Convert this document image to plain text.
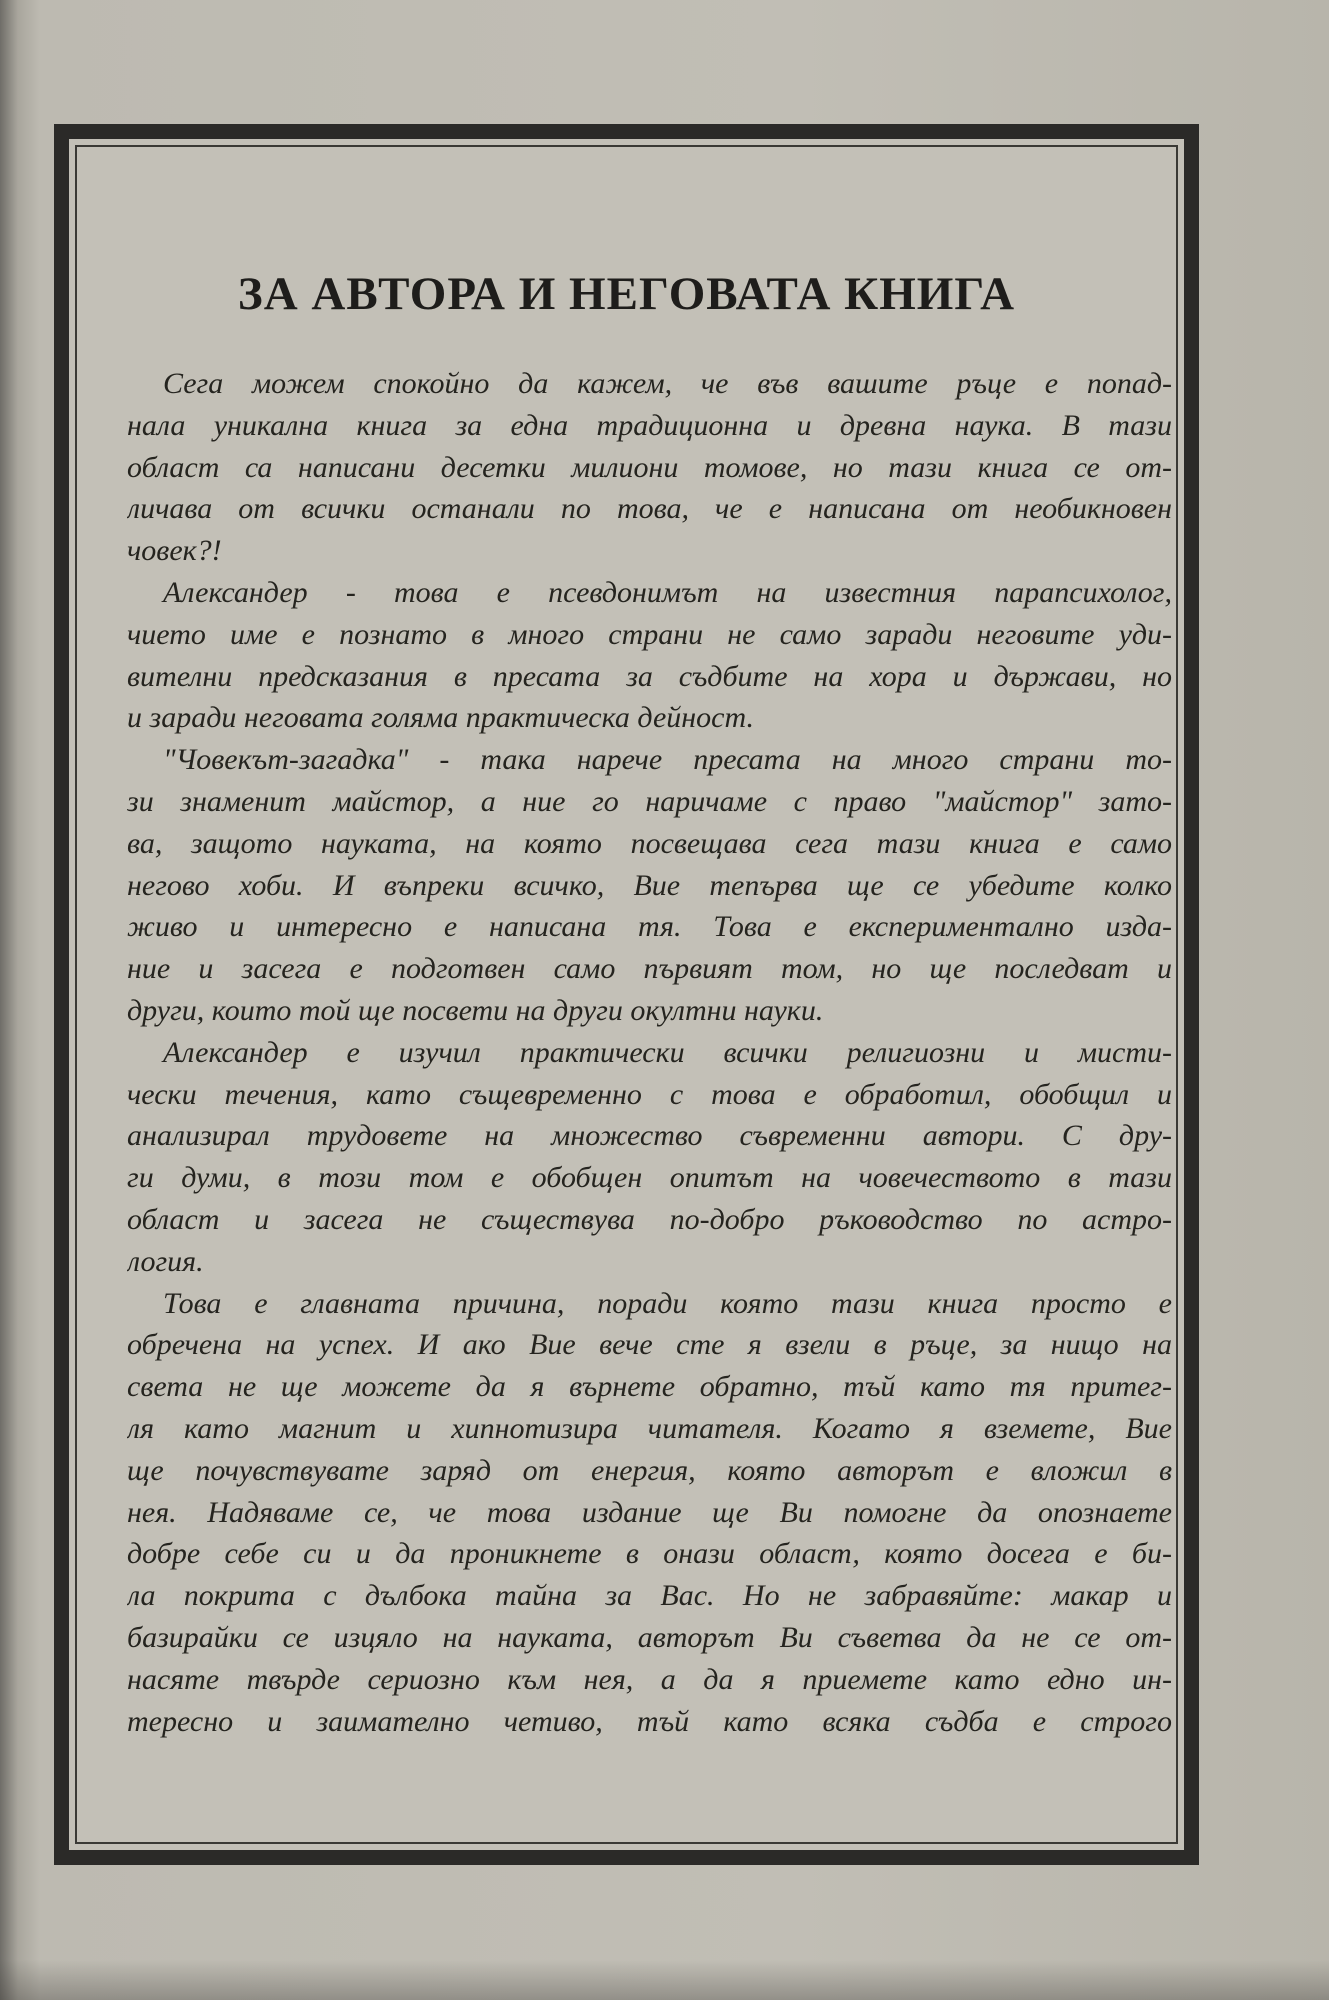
ЗА АВТОРА И НЕГОВАТА КНИГА
Сега можем спокойно да кажем, че във вашите ръце е попад-
нала уникална книга за една традиционна и древна наука. В тази
област са написани десетки милиони томове, но тази книга се от-
личава от всички останали по това, че е написана от необикновен
човек?!
Александер - това е псевдонимът на известния парапсихолог,
чието име е познато в много страни не само заради неговите уди-
вителни предсказания в пресата за съдбите на хора и държави, но
и заради неговата голяма практическа дейност.
"Човекът-загадка" - така нарече пресата на много страни то-
зи знаменит майстор, а ние го наричаме с право "майстор" зато-
ва, защото науката, на която посвещава сега тази книга е само
негово хоби. И въпреки всичко, Вие тепърва ще се убедите колко
живо и интересно е написана тя. Това е експериментално изда-
ние и засега е подготвен само първият том, но ще последват и
други, които той ще посвети на други окултни науки.
Александер е изучил практически всички религиозни и мисти-
чески течения, като същевременно с това е обработил, обобщил и
анализирал трудовете на множество съвременни автори. С дру-
ги думи, в този том е обобщен опитът на човечеството в тази
област и засега не съществува по-добро ръководство по астро-
логия.
Това е главната причина, поради която тази книга просто е
обречена на успех. И ако Вие вече сте я взели в ръце, за нищо на
света не ще можете да я върнете обратно, тъй като тя притег-
ля като магнит и хипнотизира читателя. Когато я вземете, Вие
ще почувствувате заряд от енергия, която авторът е вложил в
нея. Надяваме се, че това издание ще Ви помогне да опознаете
добре себе си и да проникнете в онази област, която досега е би-
ла покрита с дълбока тайна за Вас. Но не забравяйте: макар и
базирайки се изцяло на науката, авторът Ви съветва да не се от-
насяте твърде сериозно към нея, а да я приемете като едно ин-
тересно и заимателно четиво, тъй като всяка съдба е строго
